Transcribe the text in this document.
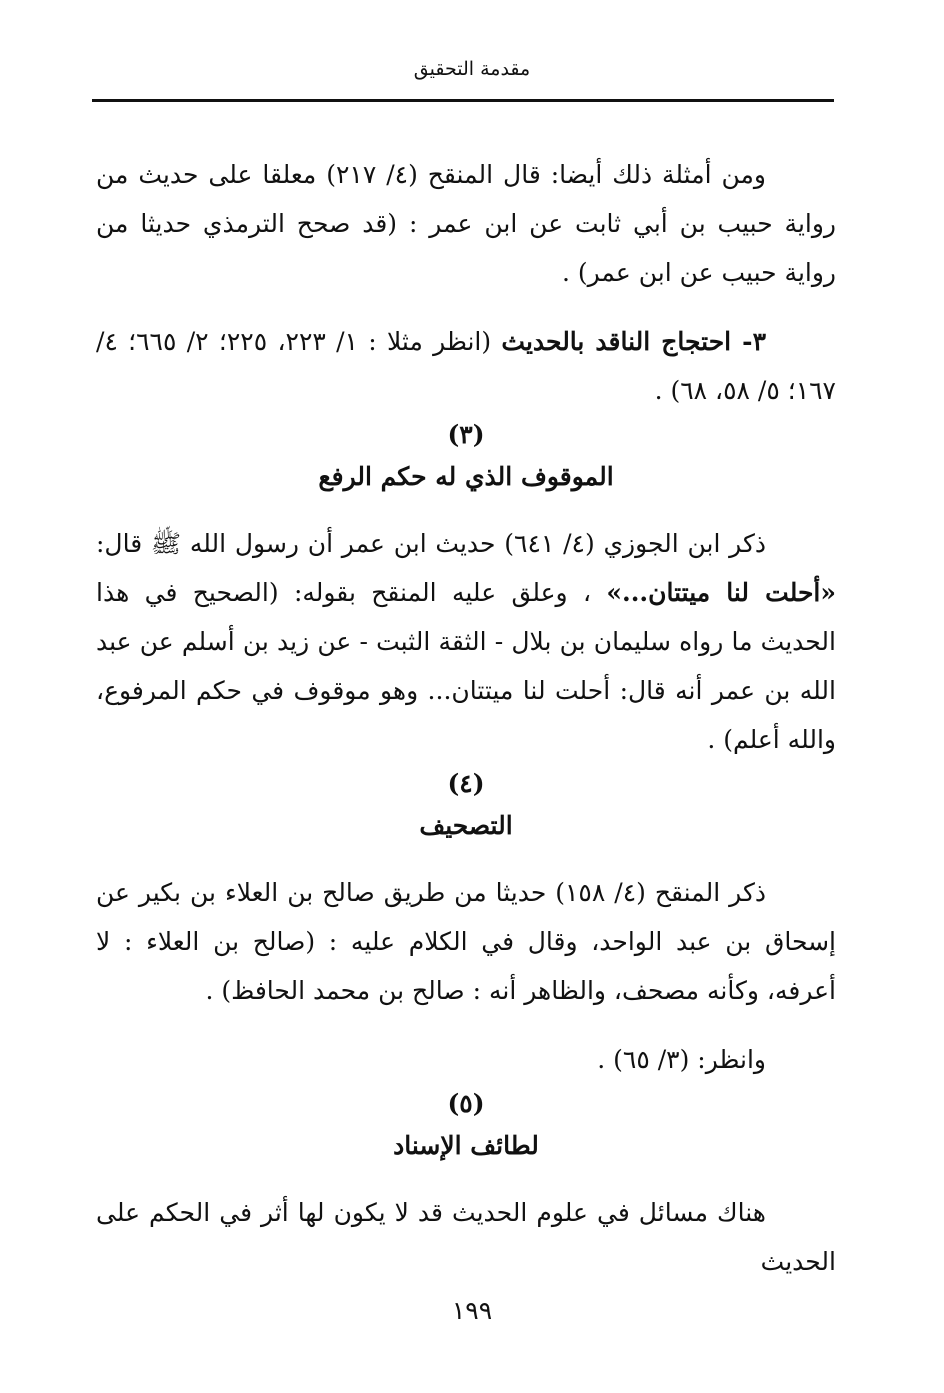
مقدمة التحقيق

ومن أمثلة ذلك أيضا: قال المنقح (٤/ ٢١٧) معلقا على حديث من رواية حبيب بن أبي ثابت عن ابن عمر : (قد صحح الترمذي حديثا من رواية حبيب عن ابن عمر) .

٣- احتجاج الناقد بالحديث (انظر مثلا : ١/ ٢٢٣، ٢٢٥؛ ٢/ ٦٦٥؛ ٤/ ١٦٧؛ ٥/ ٥٨، ٦٨) .

(٣)

الموقوف الذي له حكم الرفع

ذكر ابن الجوزي (٤/ ٦٤١) حديث ابن عمر أن رسول الله ﷺ قال: «أحلت لنا ميتتان...» ، وعلق عليه المنقح بقوله: (الصحيح في هذا الحديث ما رواه سليمان بن بلال - الثقة الثبت - عن زيد بن أسلم عن عبد الله بن عمر أنه قال: أحلت لنا ميتتان... وهو موقوف في حكم المرفوع، والله أعلم) .

(٤)

التصحيف

ذكر المنقح (٤/ ١٥٨) حديثا من طريق صالح بن العلاء بن بكير عن إسحاق بن عبد الواحد، وقال في الكلام عليه : (صالح بن العلاء : لا أعرفه، وكأنه مصحف، والظاهر أنه : صالح بن محمد الحافظ) .

وانظر: (٣/ ٦٥) .

(٥)

لطائف الإسناد

هناك مسائل في علوم الحديث قد لا يكون لها أثر في الحكم على الحديث

١٩٩
